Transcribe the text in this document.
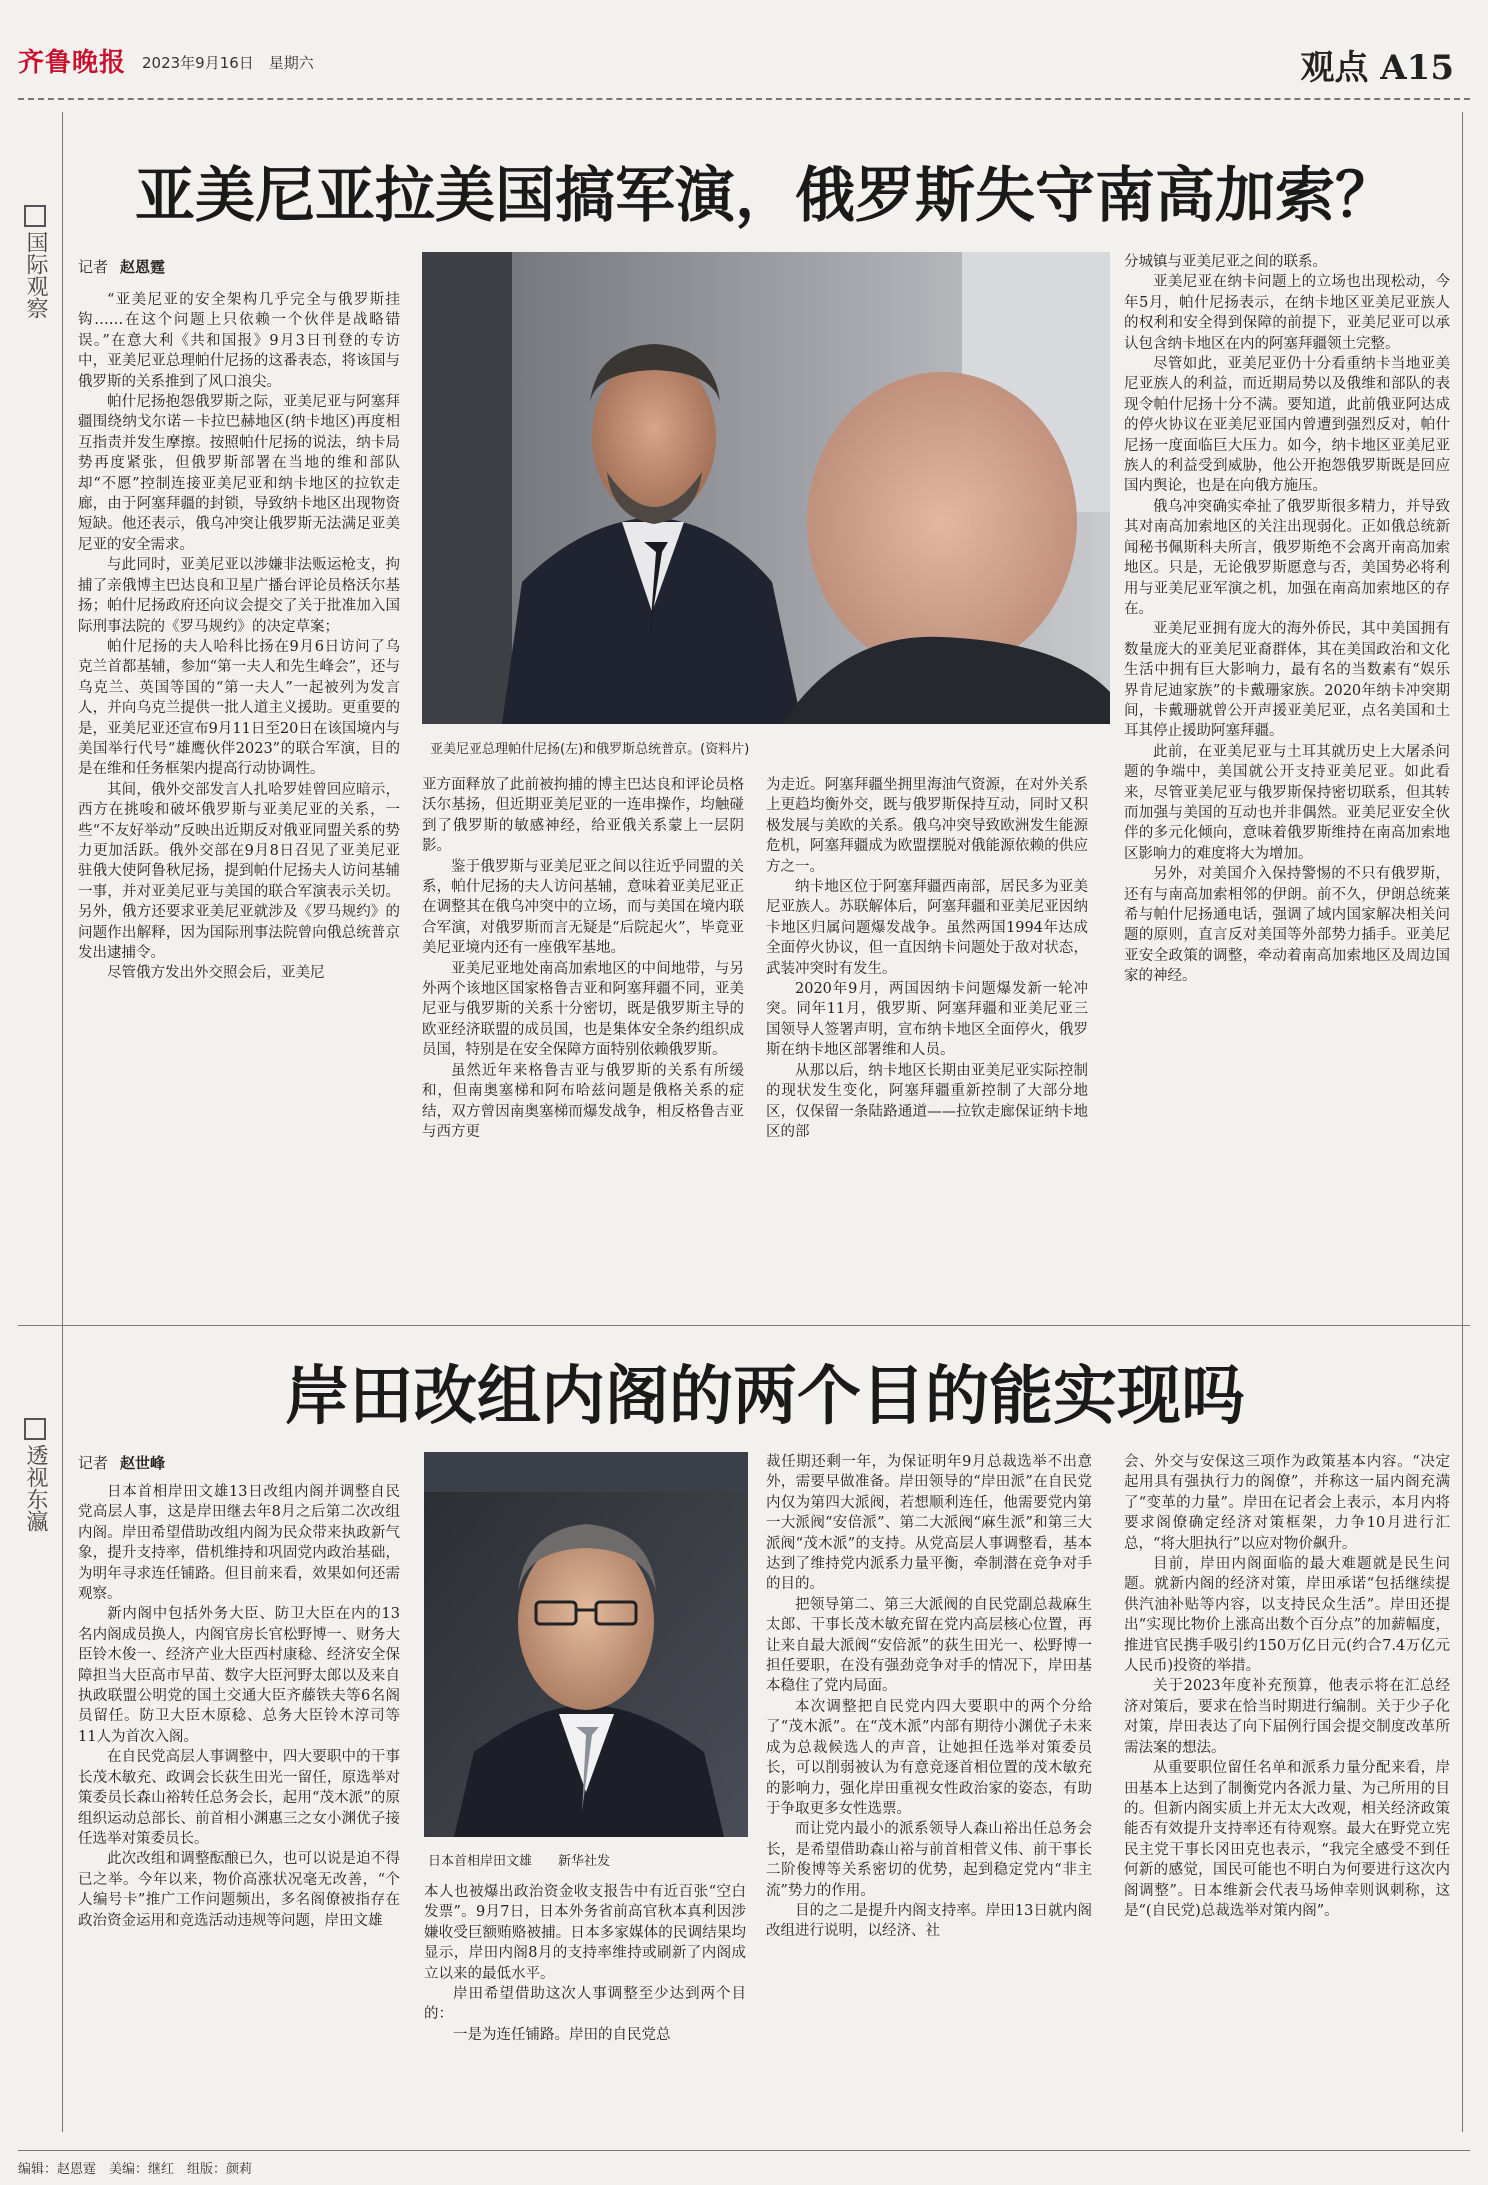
齐鲁晚报 2023年9月16日　星期六	观点 A15
国际观察
亚美尼亚拉美国搞军演，俄罗斯失守南高加索？
记者 赵恩霆
亚美尼亚总理帕什尼扬(左)和俄罗斯总统普京。(资料片)

“亚美尼亚的安全架构几乎完全与俄罗斯挂钩……在这个问题上只依赖一个伙伴是战略错误。”在意大利《共和国报》9月3日刊登的专访中，亚美尼亚总理帕什尼扬的这番表态，将该国与俄罗斯的关系推到了风口浪尖。

帕什尼扬抱怨俄罗斯之际，亚美尼亚与阿塞拜疆围绕纳戈尔诺－卡拉巴赫地区(纳卡地区)再度相互指责并发生摩擦。按照帕什尼扬的说法，纳卡局势再度紧张，但俄罗斯部署在当地的维和部队却“不愿”控制连接亚美尼亚和纳卡地区的拉钦走廊，由于阿塞拜疆的封锁，导致纳卡地区出现物资短缺。他还表示，俄乌冲突让俄罗斯无法满足亚美尼亚的安全需求。

与此同时，亚美尼亚以涉嫌非法贩运枪支，拘捕了亲俄博主巴达良和卫星广播台评论员格沃尔基扬；帕什尼扬政府还向议会提交了关于批准加入国际刑事法院的《罗马规约》的决定草案；

帕什尼扬的夫人哈科比扬在9月6日访问了乌克兰首都基辅，参加“第一夫人和先生峰会”，还与乌克兰、英国等国的“第一夫人”一起被列为发言人，并向乌克兰提供一批人道主义援助。更重要的是，亚美尼亚还宣布9月11日至20日在该国境内与美国举行代号“雄鹰伙伴2023”的联合军演，目的是在维和任务框架内提高行动协调性。

其间，俄外交部发言人扎哈罗娃曾回应暗示，西方在挑唆和破坏俄罗斯与亚美尼亚的关系，一些“不友好举动”反映出近期反对俄亚同盟关系的势力更加活跃。俄外交部在9月8日召见了亚美尼亚驻俄大使阿鲁秋尼扬，提到帕什尼扬夫人访问基辅一事，并对亚美尼亚与美国的联合军演表示关切。另外，俄方还要求亚美尼亚就涉及《罗马规约》的问题作出解释，因为国际刑事法院曾向俄总统普京发出逮捕令。

尽管俄方发出外交照会后，亚美尼

亚方面释放了此前被拘捕的博主巴达良和评论员格沃尔基扬，但近期亚美尼亚的一连串操作，均触碰到了俄罗斯的敏感神经，给亚俄关系蒙上一层阴影。

鉴于俄罗斯与亚美尼亚之间以往近乎同盟的关系，帕什尼扬的夫人访问基辅，意味着亚美尼亚正在调整其在俄乌冲突中的立场，而与美国在境内联合军演，对俄罗斯而言无疑是“后院起火”，毕竟亚美尼亚境内还有一座俄军基地。

亚美尼亚地处南高加索地区的中间地带，与另外两个该地区国家格鲁吉亚和阿塞拜疆不同，亚美尼亚与俄罗斯的关系十分密切，既是俄罗斯主导的欧亚经济联盟的成员国，也是集体安全条约组织成员国，特别是在安全保障方面特别依赖俄罗斯。

虽然近年来格鲁吉亚与俄罗斯的关系有所缓和，但南奥塞梯和阿布哈兹问题是俄格关系的症结，双方曾因南奥塞梯而爆发战争，相反格鲁吉亚与西方更

为走近。阿塞拜疆坐拥里海油气资源，在对外关系上更趋均衡外交，既与俄罗斯保持互动，同时又积极发展与美欧的关系。俄乌冲突导致欧洲发生能源危机，阿塞拜疆成为欧盟摆脱对俄能源依赖的供应方之一。

纳卡地区位于阿塞拜疆西南部，居民多为亚美尼亚族人。苏联解体后，阿塞拜疆和亚美尼亚因纳卡地区归属问题爆发战争。虽然两国1994年达成全面停火协议，但一直因纳卡问题处于敌对状态，武装冲突时有发生。

2020年9月，两国因纳卡问题爆发新一轮冲突。同年11月，俄罗斯、阿塞拜疆和亚美尼亚三国领导人签署声明，宣布纳卡地区全面停火，俄罗斯在纳卡地区部署维和人员。

从那以后，纳卡地区长期由亚美尼亚实际控制的现状发生变化，阿塞拜疆重新控制了大部分地区，仅保留一条陆路通道——拉钦走廊保证纳卡地区的部

分城镇与亚美尼亚之间的联系。

亚美尼亚在纳卡问题上的立场也出现松动，今年5月，帕什尼扬表示，在纳卡地区亚美尼亚族人的权利和安全得到保障的前提下，亚美尼亚可以承认包含纳卡地区在内的阿塞拜疆领土完整。

尽管如此，亚美尼亚仍十分看重纳卡当地亚美尼亚族人的利益，而近期局势以及俄维和部队的表现令帕什尼扬十分不满。要知道，此前俄亚阿达成的停火协议在亚美尼亚国内曾遭到强烈反对，帕什尼扬一度面临巨大压力。如今，纳卡地区亚美尼亚族人的利益受到威胁，他公开抱怨俄罗斯既是回应国内舆论，也是在向俄方施压。

俄乌冲突确实牵扯了俄罗斯很多精力，并导致其对南高加索地区的关注出现弱化。正如俄总统新闻秘书佩斯科夫所言，俄罗斯绝不会离开南高加索地区。只是，无论俄罗斯愿意与否，美国势必将利用与亚美尼亚军演之机，加强在南高加索地区的存在。

亚美尼亚拥有庞大的海外侨民，其中美国拥有数量庞大的亚美尼亚裔群体，其在美国政治和文化生活中拥有巨大影响力，最有名的当数素有“娱乐界肯尼迪家族”的卡戴珊家族。2020年纳卡冲突期间，卡戴珊就曾公开声援亚美尼亚，点名美国和土耳其停止援助阿塞拜疆。

此前，在亚美尼亚与土耳其就历史上大屠杀问题的争端中，美国就公开支持亚美尼亚。如此看来，尽管亚美尼亚与俄罗斯保持密切联系，但其转而加强与美国的互动也并非偶然。亚美尼亚安全伙伴的多元化倾向，意味着俄罗斯维持在南高加索地区影响力的难度将大为增加。

另外，对美国介入保持警惕的不只有俄罗斯，还有与南高加索相邻的伊朗。前不久，伊朗总统莱希与帕什尼扬通电话，强调了域内国家解决相关问题的原则，直言反对美国等外部势力插手。亚美尼亚安全政策的调整，牵动着南高加索地区及周边国家的神经。

透视东瀛
岸田改组内阁的两个目的能实现吗
记者 赵世峰
日本首相岸田文雄　　新华社发

日本首相岸田文雄13日改组内阁并调整自民党高层人事，这是岸田继去年8月之后第二次改组内阁。岸田希望借助改组内阁为民众带来执政新气象，提升支持率，借机维持和巩固党内政治基础，为明年寻求连任铺路。但目前来看，效果如何还需观察。

新内阁中包括外务大臣、防卫大臣在内的13名内阁成员换人，内阁官房长官松野博一、财务大臣铃木俊一、经济产业大臣西村康稔、经济安全保障担当大臣高市早苗、数字大臣河野太郎以及来自执政联盟公明党的国土交通大臣齐藤铁夫等6名阁员留任。防卫大臣木原稔、总务大臣铃木淳司等11人为首次入阁。

在自民党高层人事调整中，四大要职中的干事长茂木敏充、政调会长荻生田光一留任，原选举对策委员长森山裕转任总务会长，起用“茂木派”的原组织运动总部长、前首相小渊惠三之女小渊优子接任选举对策委员长。

此次改组和调整酝酿已久，也可以说是迫不得已之举。今年以来，物价高涨状况毫无改善，“个人编号卡”推广工作问题频出，多名阁僚被指存在政治资金运用和竞选活动违规等问题，岸田文雄

本人也被爆出政治资金收支报告中有近百张“空白发票”。9月7日，日本外务省前高官秋本真利因涉嫌收受巨额贿赂被捕。日本多家媒体的民调结果均显示，岸田内阁8月的支持率维持或刷新了内阁成立以来的最低水平。

岸田希望借助这次人事调整至少达到两个目的：

一是为连任铺路。岸田的自民党总

裁任期还剩一年，为保证明年9月总裁选举不出意外，需要早做准备。岸田领导的“岸田派”在自民党内仅为第四大派阀，若想顺利连任，他需要党内第一大派阀“安倍派”、第二大派阀“麻生派”和第三大派阀“茂木派”的支持。从党高层人事调整看，基本达到了维持党内派系力量平衡，牵制潜在竞争对手的目的。

把领导第二、第三大派阀的自民党副总裁麻生太郎、干事长茂木敏充留在党内高层核心位置，再让来自最大派阀“安倍派”的荻生田光一、松野博一担任要职，在没有强劲竞争对手的情况下，岸田基本稳住了党内局面。

本次调整把自民党内四大要职中的两个分给了“茂木派”。在“茂木派”内部有期待小渊优子未来成为总裁候选人的声音，让她担任选举对策委员长，可以削弱被认为有意竞逐首相位置的茂木敏充的影响力，强化岸田重视女性政治家的姿态，有助于争取更多女性选票。

而让党内最小的派系领导人森山裕出任总务会长，是希望借助森山裕与前首相菅义伟、前干事长二阶俊博等关系密切的优势，起到稳定党内“非主流”势力的作用。

目的之二是提升内阁支持率。岸田13日就内阁改组进行说明，以经济、社

会、外交与安保这三项作为政策基本内容。“决定起用具有强执行力的阁僚”，并称这一届内阁充满了“变革的力量”。岸田在记者会上表示，本月内将要求阁僚确定经济对策框架，力争10月进行汇总，“将大胆执行”以应对物价飙升。

目前，岸田内阁面临的最大难题就是民生问题。就新内阁的经济对策，岸田承诺“包括继续提供汽油补贴等内容，以支持民众生活”。岸田还提出“实现比物价上涨高出数个百分点”的加薪幅度，推进官民携手吸引约150万亿日元(约合7.4万亿元人民币)投资的举措。

关于2023年度补充预算，他表示将在汇总经济对策后，要求在恰当时期进行编制。关于少子化对策，岸田表达了向下届例行国会提交制度改革所需法案的想法。

从重要职位留任名单和派系力量分配来看，岸田基本上达到了制衡党内各派力量、为己所用的目的。但新内阁实质上并无太大改观，相关经济政策能否有效提升支持率还有待观察。最大在野党立宪民主党干事长冈田克也表示，“我完全感受不到任何新的感觉，国民可能也不明白为何要进行这次内阁调整”。日本维新会代表马场伸幸则讽刺称，这是“(自民党)总裁选举对策内阁”。

编辑：赵恩霆　美编：继红　组版：颜莉
